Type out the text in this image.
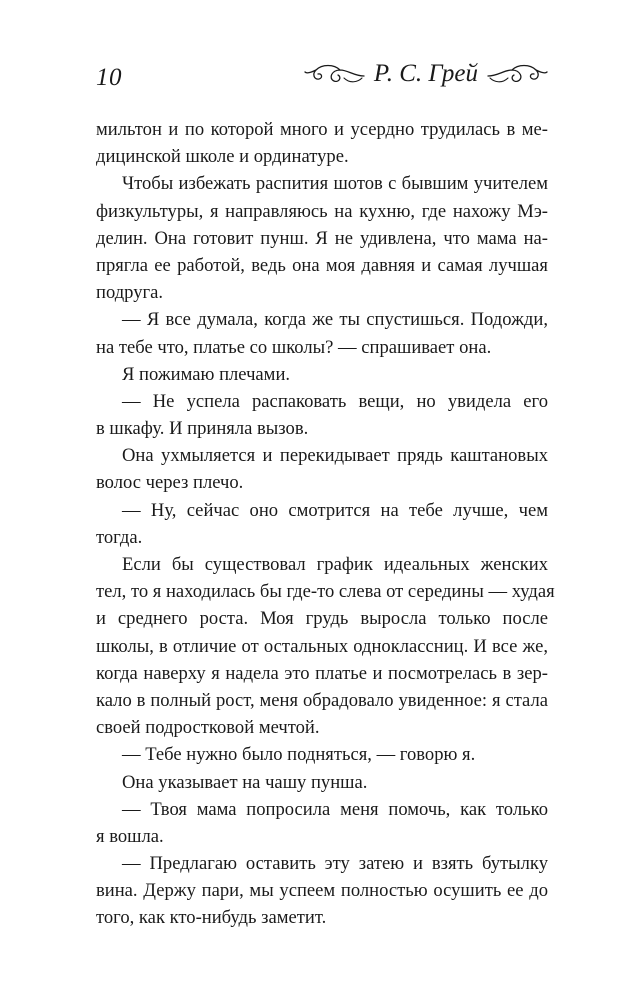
10	Р. С. Грей
мильтон и по которой много и усердно трудилась в ме-
дицинской школе и ординатуре.
Чтобы избежать распития шотов с бывшим учителем
физкультуры, я направляюсь на кухню, где нахожу Мэ-
делин. Она готовит пунш. Я не удивлена, что мама на-
прягла ее работой, ведь она моя давняя и самая лучшая
подруга.
— Я все думала, когда же ты спустишься. Подожди,
на тебе что, платье со школы? — спрашивает она.
Я пожимаю плечами.
— Не успела распаковать вещи, но увидела его
в шкафу. И приняла вызов.
Она ухмыляется и перекидывает прядь каштановых
волос через плечо.
— Ну, сейчас оно смотрится на тебе лучше, чем
тогда.
Если бы существовал график идеальных женских
тел, то я находилась бы где-то слева от середины — худая
и среднего роста. Моя грудь выросла только после
школы, в отличие от остальных одноклассниц. И все же,
когда наверху я надела это платье и посмотрелась в зер-
кало в полный рост, меня обрадовало увиденное: я стала
своей подростковой мечтой.
— Тебе нужно было подняться, — говорю я.
Она указывает на чашу пунша.
— Твоя мама попросила меня помочь, как только
я вошла.
— Предлагаю оставить эту затею и взять бутылку
вина. Держу пари, мы успеем полностью осушить ее до
того, как кто-нибудь заметит.
